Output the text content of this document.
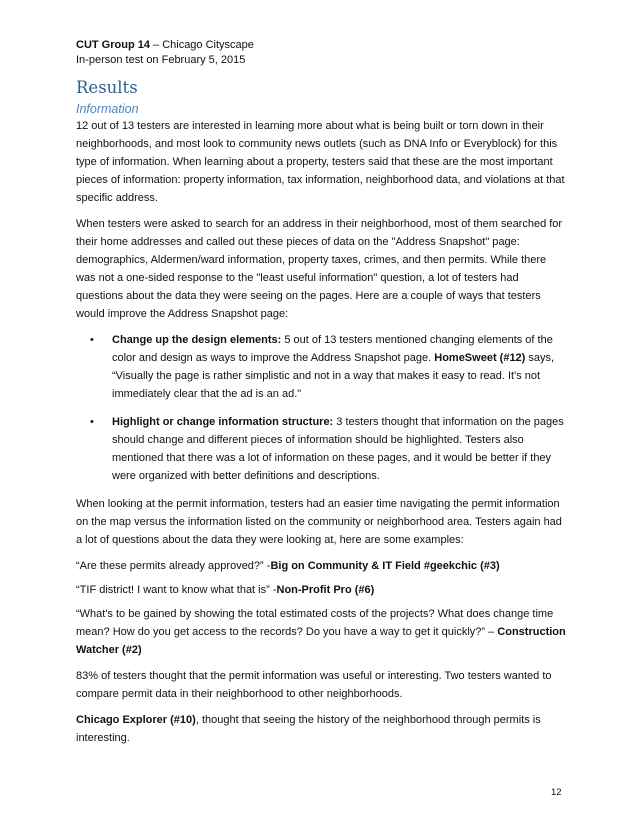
CUT Group 14 – Chicago Cityscape
In-person test on February 5, 2015
Results
Information

12 out of 13 testers are interested in learning more about what is being built or torn down in their neighborhoods, and most look to community news outlets (such as DNA Info or Everyblock) for this type of information. When learning about a property, testers said that these are the most important pieces of information: property information, tax information, neighborhood data, and violations at that specific address.

When testers were asked to search for an address in their neighborhood, most of them searched for their home addresses and called out these pieces of data on the "Address Snapshot" page: demographics, Aldermen/ward information, property taxes, crimes, and then permits. While there was not a one-sided response to the "least useful information" question, a lot of testers had questions about the data they were seeing on the pages. Here are a couple of ways that testers would improve the Address Snapshot page:

• Change up the design elements: 5 out of 13 testers mentioned changing elements of the color and design as ways to improve the Address Snapshot page. HomeSweet (#12) says, “Visually the page is rather simplistic and not in a way that makes it easy to read. It's not immediately clear that the ad is an ad."
• Highlight or change information structure: 3 testers thought that information on the pages should change and different pieces of information should be highlighted. Testers also mentioned that there was a lot of information on these pages, and it would be better if they were organized with better definitions and descriptions.

When looking at the permit information, testers had an easier time navigating the permit information on the map versus the information listed on the community or neighborhood area. Testers again had a lot of questions about the data they were looking at, here are some examples:

“Are these permits already approved?” -Big on Community & IT Field #geekchic (#3)

“TIF district! I want to know what that is” -Non-Profit Pro (#6)

“What's to be gained by showing the total estimated costs of the projects? What does change time mean? How do you get access to the records? Do you have a way to get it quickly?” – Construction Watcher (#2)

83% of testers thought that the permit information was useful or interesting. Two testers wanted to compare permit data in their neighborhood to other neighborhoods.

Chicago Explorer (#10), thought that seeing the history of the neighborhood through permits is interesting.

12
